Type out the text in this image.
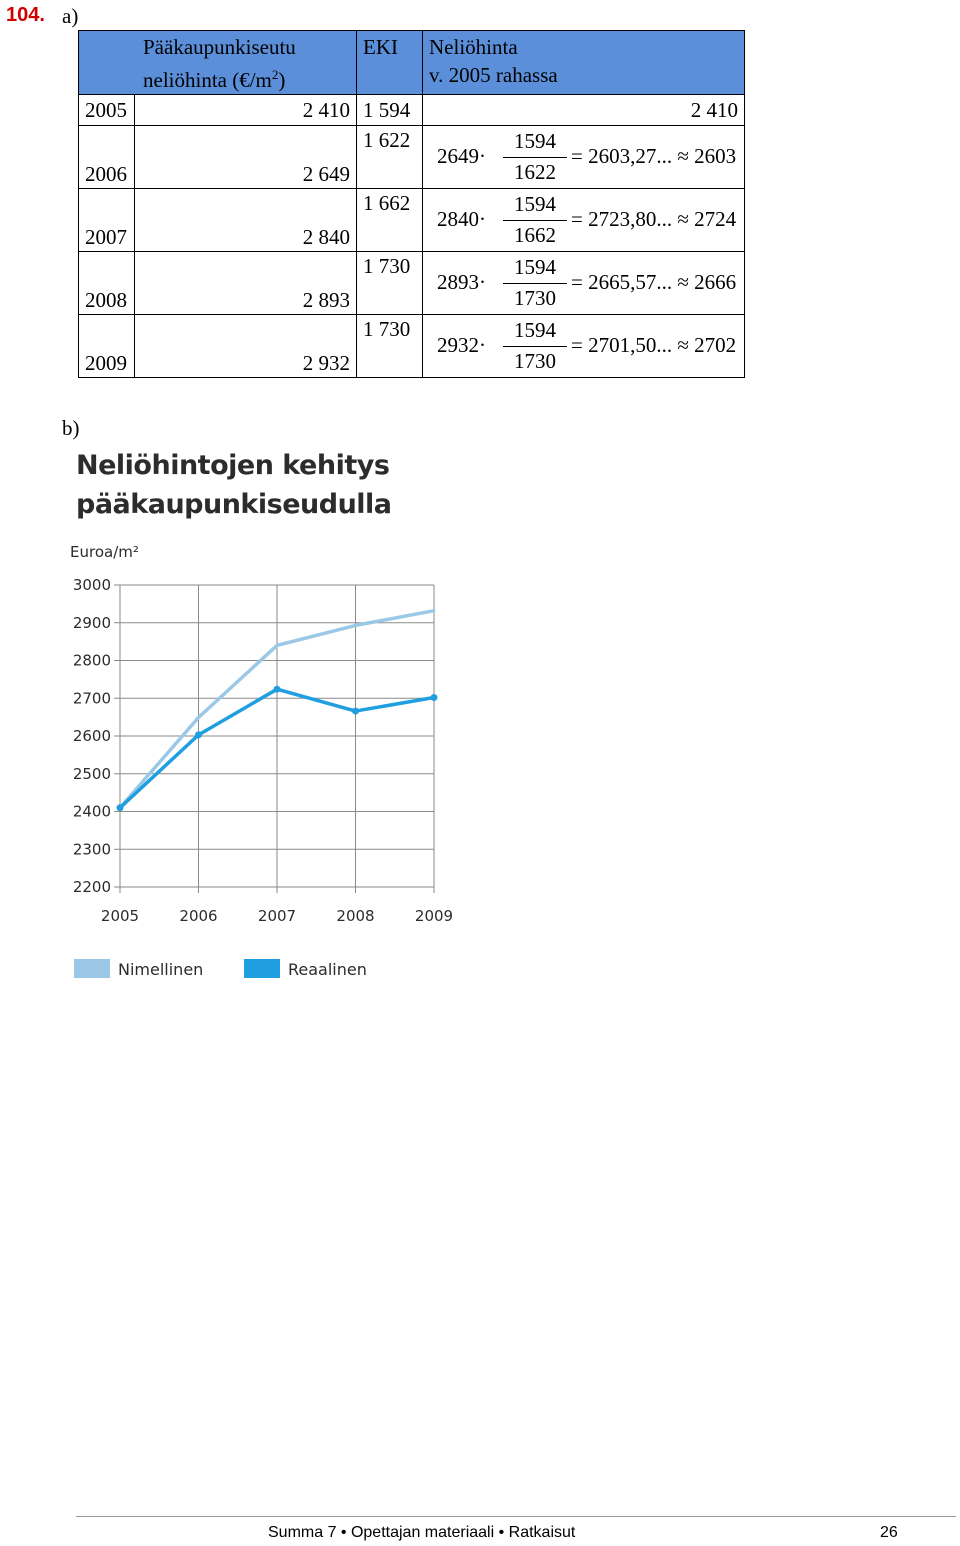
104. a)
Pääkaupunkiseutu
neliöhinta $(€/m^2)$		EKI	Neliöhinta
v. 2005 rahassa
2005	2 410	1 594	2 410
2006	2 649	1 622	2649·
1594
1622
= 2603,27... ≈ 2603

2007	2 840	1 662	2840·
1594
1662
= 2723,80... ≈ 2724

2008	2 893	1 730	2893·
1594
1730
= 2665,57... ≈ 2666

2009	2 932	1 730	2932·
1594
1730
= 2701,50... ≈ 2702
b)
Neliöhintojen kehitys
pääkaupunkiseudulla
3000
2900
2800
2700
2600
2500
2400
2300
2200
2005	2006	2007	2008	2009
Euroa/m²
Nimellinen	Reaalinen
Summa 7 • Opettajan materiaali • Ratkaisut	26
